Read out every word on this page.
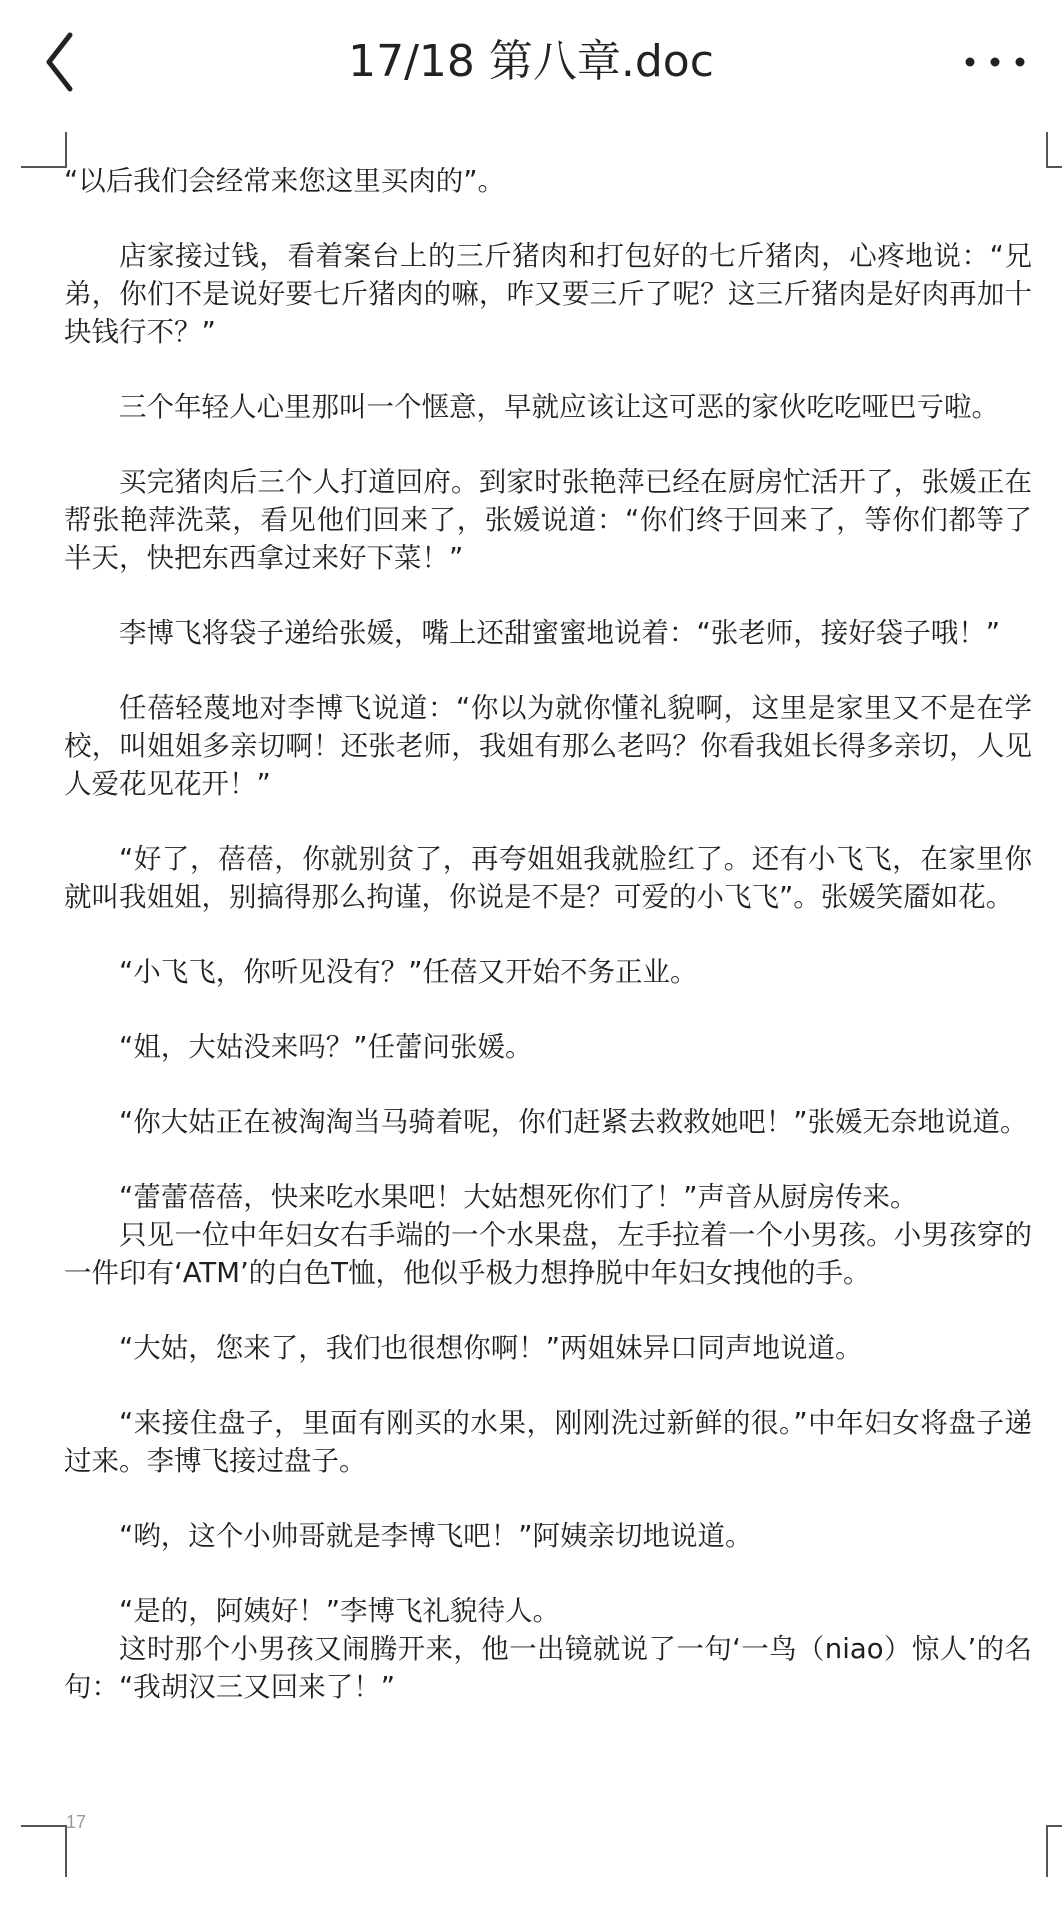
17/18 第八章.doc

“以后我们会经常来您这里买肉的”。

店家接过钱，看着案台上的三斤猪肉和打包好的七斤猪肉，心疼地说：“兄弟，你们不是说好要七斤猪肉的嘛，咋又要三斤了呢？这三斤猪肉是好肉再加十块钱行不？”

三个年轻人心里那叫一个惬意，早就应该让这可恶的家伙吃吃哑巴亏啦。

买完猪肉后三个人打道回府。到家时张艳萍已经在厨房忙活开了，张媛正在帮张艳萍洗菜，看见他们回来了，张媛说道：“你们终于回来了，等你们都等了半天，快把东西拿过来好下菜！”

李博飞将袋子递给张媛，嘴上还甜蜜蜜地说着：“张老师，接好袋子哦！”

任蓓轻蔑地对李博飞说道：“你以为就你懂礼貌啊，这里是家里又不是在学校，叫姐姐多亲切啊！还张老师，我姐有那么老吗？你看我姐长得多亲切，人见人爱花见花开！”

“好了，蓓蓓，你就别贫了，再夸姐姐我就脸红了。还有小飞飞，在家里你就叫我姐姐，别搞得那么拘谨，你说是不是？可爱的小飞飞”。张媛笑靥如花。

“小飞飞，你听见没有？”任蓓又开始不务正业。

“姐，大姑没来吗？”任蕾问张媛。

“你大姑正在被淘淘当马骑着呢，你们赶紧去救救她吧！”张媛无奈地说道。

“蕾蕾蓓蓓，快来吃水果吧！大姑想死你们了！”声音从厨房传来。

只见一位中年妇女右手端的一个水果盘，左手拉着一个小男孩。小男孩穿的一件印有‘ATM’的白色T恤，他似乎极力想挣脱中年妇女拽他的手。

“大姑，您来了，我们也很想你啊！”两姐妹异口同声地说道。

“来接住盘子，里面有刚买的水果，刚刚洗过新鲜的很。”中年妇女将盘子递过来。李博飞接过盘子。

“哟，这个小帅哥就是李博飞吧！”阿姨亲切地说道。

“是的，阿姨好！”李博飞礼貌待人。

这时那个小男孩又闹腾开来，他一出镜就说了一句‘一鸟（niao）惊人’的名句：“我胡汉三又回来了！”

17
